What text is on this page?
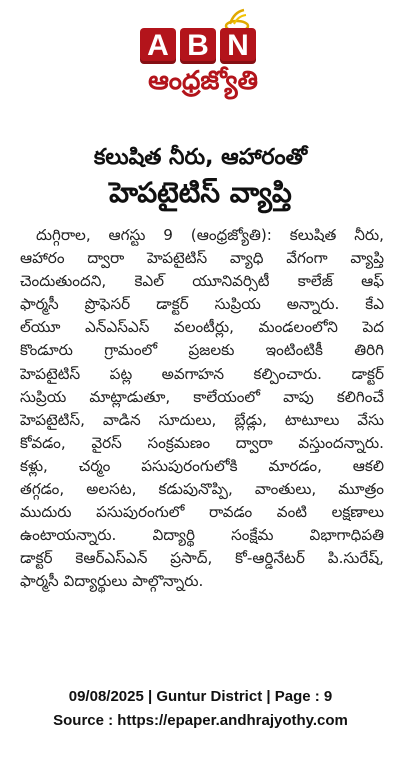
A B N
ఆంధ్రజ్యోతి
కలుషిత నీరు, ఆహారంతో
హెపటైటిస్ వ్యాప్తి
దుగ్గిరాల, ఆగస్టు 9 (ఆంధ్రజ్యోతి): కలుషిత నీరు,
ఆహారం ద్వారా హెపటైటిస్ వ్యాధి వేగంగా వ్యాప్తి
చెందుతుందని, కెఎల్ యూనివర్సిటీ కాలేజ్ ఆఫ్
ఫార్మసీ ప్రొఫెసర్ డాక్టర్ సుప్రియ అన్నారు. కేఎ
ల్‌యూ ఎన్ఎస్ఎస్ వలంటీర్లు, మండలంలోని పెద
కొండూరు గ్రామంలో ప్రజలకు ఇంటింటికీ తిరిగి
హెపటైటిస్ పట్ల అవగాహన కల్పించారు. డాక్టర్
సుప్రియ మాట్లాడుతూ, కాలేయంలో వాపు కలిగించే
హెపటైటిస్, వాడిన సూదులు, బ్లేడ్లు, టాటూలు వేసు
కోవడం, వైరస్ సంక్రమణం ద్వారా వస్తుందన్నారు.
కళ్లు, చర్మం పసుపురంగులోకి మారడం, ఆకలి
తగ్గడం, అలసట, కడుపునొప్పి, వాంతులు, మూత్రం
ముదురు పసుపురంగులో రావడం వంటి లక్షణాలు
ఉంటాయన్నారు. విద్యార్థి సంక్షేమ విభాగాధిపతి
డాక్టర్ కెఆర్ఎస్ఎన్ ప్రసాద్, కో-ఆర్డినేటర్ పి.సురేష్,
ఫార్మసీ విద్యార్థులు పాల్గొన్నారు.
09/08/2025 | Guntur District | Page : 9
Source : https://epaper.andhrajyothy.com
